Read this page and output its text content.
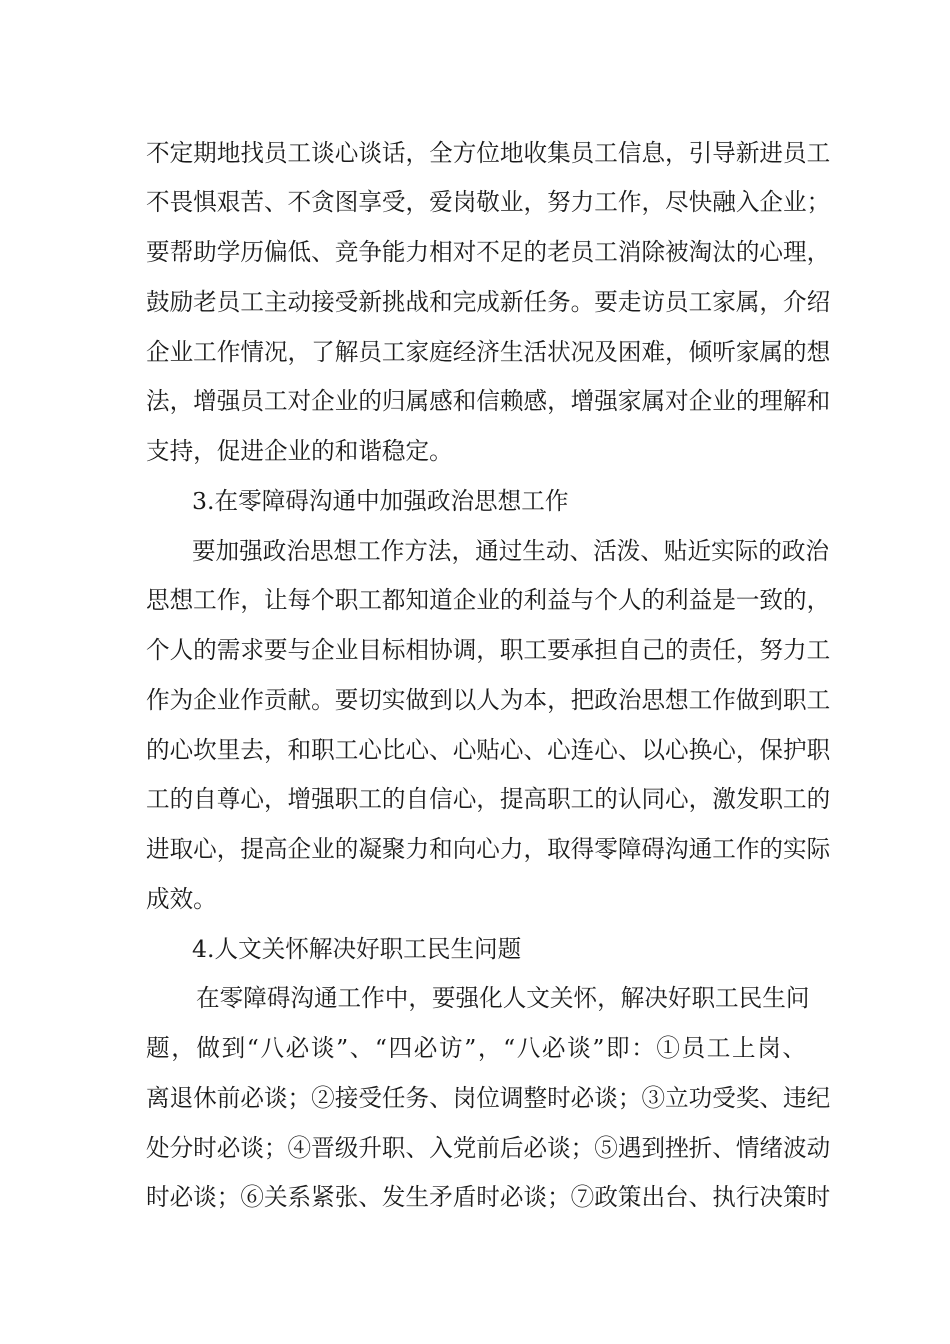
不定期地找员工谈心谈话，全方位地收集员工信息，引导新进员工
不畏惧艰苦、不贪图享受，爱岗敬业，努力工作，尽快融入企业；
要帮助学历偏低、竞争能力相对不足的老员工消除被淘汰的心理，
鼓励老员工主动接受新挑战和完成新任务。要走访员工家属，介绍
企业工作情况，了解员工家庭经济生活状况及困难，倾听家属的想
法，增强员工对企业的归属感和信赖感，增强家属对企业的理解和
支持，促进企业的和谐稳定。
3.在零障碍沟通中加强政治思想工作
要加强政治思想工作方法，通过生动、活泼、贴近实际的政治
思想工作，让每个职工都知道企业的利益与个人的利益是一致的，
个人的需求要与企业目标相协调，职工要承担自己的责任，努力工
作为企业作贡献。要切实做到以人为本，把政治思想工作做到职工
的心坎里去，和职工心比心、心贴心、心连心、以心换心，保护职
工的自尊心，增强职工的自信心，提高职工的认同心，激发职工的
进取心，提高企业的凝聚力和向心力，取得零障碍沟通工作的实际
成效。
4.人文关怀解决好职工民生问题
在零障碍沟通工作中，要强化人文关怀，解决好职工民生问
题，做到“八必谈”、“四必访”，“八必谈”即：①员工上岗、
离退休前必谈；②接受任务、岗位调整时必谈；③立功受奖、违纪
处分时必谈；④晋级升职、入党前后必谈；⑤遇到挫折、情绪波动
时必谈；⑥关系紧张、发生矛盾时必谈；⑦政策出台、执行决策时
